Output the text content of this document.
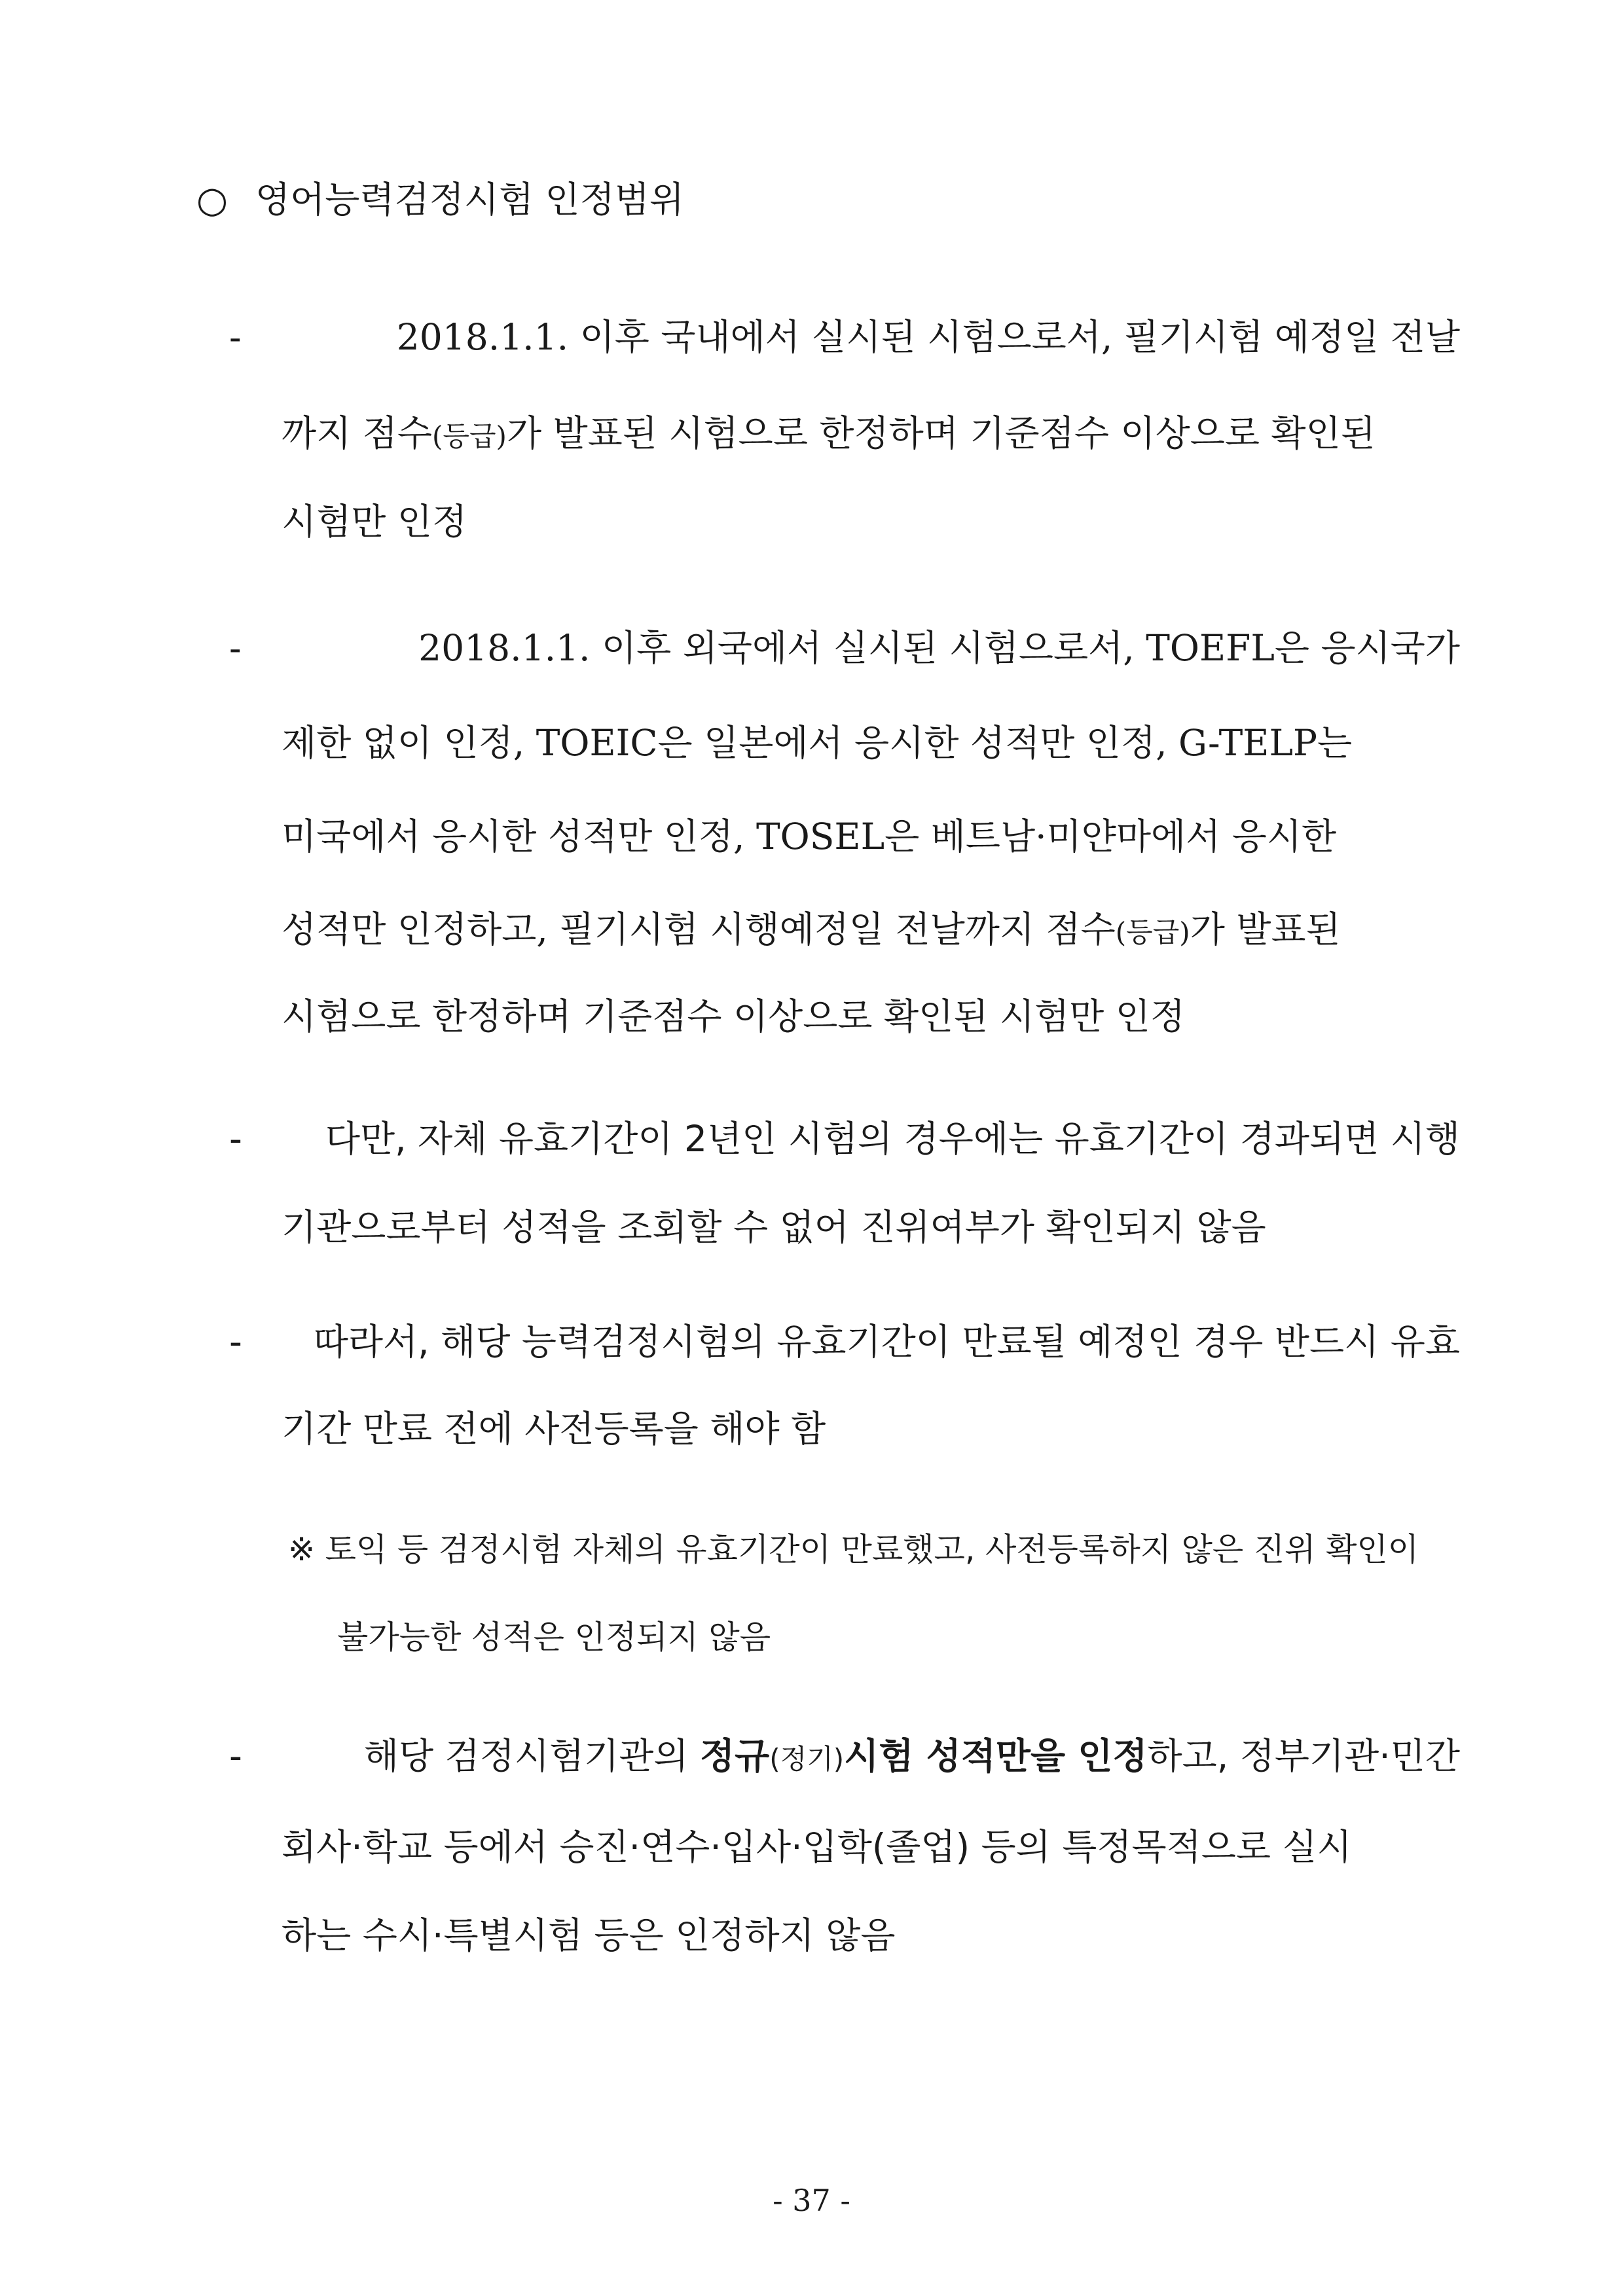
○ 영어능력검정시험 인정범위
-	2018.1.1. 이후 국내에서 실시된 시험으로서, 필기시험 예정일 전날
까지 점수(등급)가 발표된 시험으로 한정하며 기준점수 이상으로 확인된
시험만 인정
-	2018.1.1. 이후 외국에서 실시된 시험으로서, TOEFL은 응시국가
제한 없이 인정, TOEIC은 일본에서 응시한 성적만 인정, G-TELP는
미국에서 응시한 성적만 인정, TOSEL은 베트남·미얀마에서 응시한
성적만 인정하고, 필기시험 시행예정일 전날까지 점수(등급)가 발표된
시험으로 한정하며 기준점수 이상으로 확인된 시험만 인정
- 다만, 자체 유효기간이 2년인 시험의 경우에는 유효기간이 경과되면 시행
기관으로부터 성적을 조회할 수 없어 진위여부가 확인되지 않음
- 따라서, 해당 능력검정시험의 유효기간이 만료될 예정인 경우 반드시 유효
기간 만료 전에 사전등록을 해야 함
※ 토익 등 검정시험 자체의 유효기간이 만료했고, 사전등록하지 않은 진위 확인이
불가능한 성적은 인정되지 않음
-	해당 검정시험기관의 정규(정기)시험 성적만을 인정하고, 정부기관·민간
회사·학교 등에서 승진·연수·입사·입학(졸업) 등의 특정목적으로 실시
하는 수시·특별시험 등은 인정하지 않음
- 37 -
